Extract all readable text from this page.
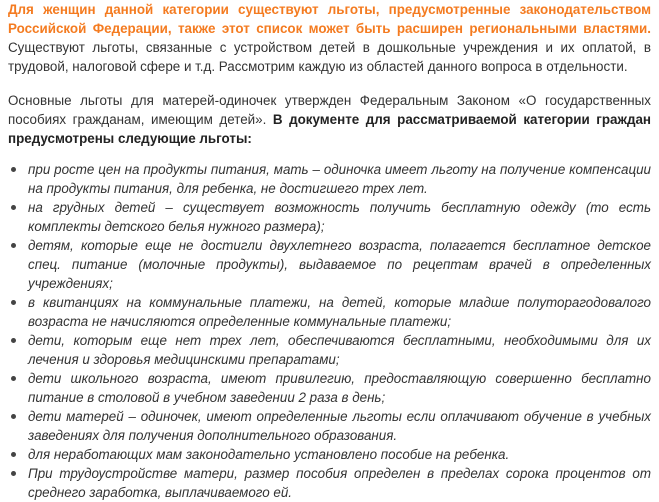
Для женщин данной категории существуют льготы, предусмотренные законодательством Российской Федерации, также этот список может быть расширен региональными властями. Существуют льготы, связанные с устройством детей в дошкольные учреждения и их оплатой, в трудовой, налоговой сфере и т.д. Рассмотрим каждую из областей данного вопроса в отдельности.

Основные льготы для матерей-одиночек утвержден Федеральным Законом «О государственных пособиях гражданам, имеющим детей». В документе для рассматриваемой категории граждан предусмотрены следующие льготы:

при росте цен на продукты питания, мать – одиночка имеет льготу на получение компенсации на продукты питания, для ребенка, не достигшего трех лет.
на грудных детей – существует возможность получить бесплатную одежду (то есть комплекты детского белья нужного размера);
детям, которые еще не достигли двухлетнего возраста, полагается бесплатное детское спец. питание (молочные продукты), выдаваемое по рецептам врачей в определенных учреждениях;
в квитанциях на коммунальные платежи, на детей, которые младше полуторагодовалого возраста не начисляются определенные коммунальные платежи;
дети, которым еще нет трех лет, обеспечиваются бесплатными, необходимыми для их лечения и здоровья медицинскими препаратами;
дети школьного возраста, имеют привилегию, предоставляющую совершенно бесплатно питание в столовой в учебном заведении 2 раза в день;
дети матерей – одиночек, имеют определенные льготы если оплачивают обучение в учебных заведениях для получения дополнительного образования.
для неработающих мам законодательно установлено пособие на ребенка.
При трудоустройстве матери, размер пособия определен в пределах сорока процентов от среднего заработка, выплачиваемого ей.
